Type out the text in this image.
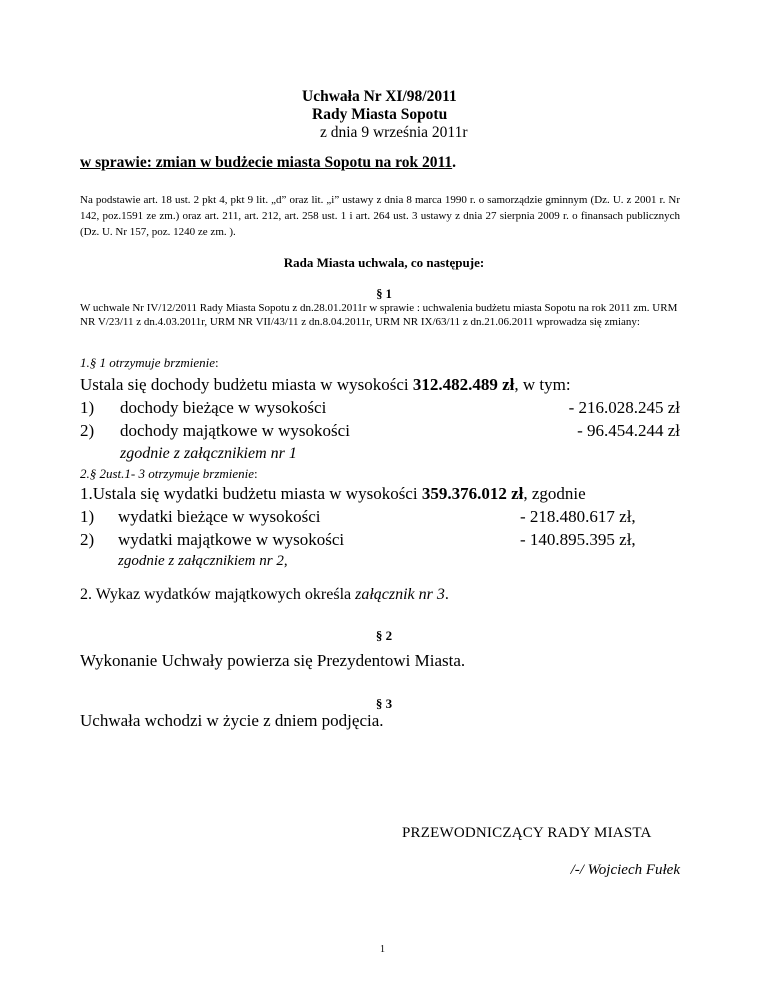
Uchwała Nr XI/98/2011
Rady Miasta Sopotu
z dnia 9 września 2011r
w sprawie: zmian w budżecie miasta Sopotu na rok 2011.
Na podstawie art. 18 ust. 2 pkt 4, pkt 9 lit. „d” oraz lit. „i” ustawy z dnia 8 marca 1990 r. o samorządzie gminnym (Dz. U. z 2001 r. Nr 142, poz.1591 ze zm.) oraz art. 211, art. 212, art. 258 ust. 1 i art. 264 ust. 3 ustawy z dnia 27 sierpnia 2009 r. o finansach publicznych (Dz. U. Nr 157, poz. 1240 ze zm. ).
Rada Miasta uchwala, co następuje:
§ 1
W uchwale Nr IV/12/2011 Rady Miasta Sopotu z dn.28.01.2011r w sprawie : uchwalenia budżetu miasta Sopotu na rok 2011 zm. URM NR V/23/11 z dn.4.03.2011r, URM NR VII/43/11 z dn.8.04.2011r, URM NR IX/63/11 z dn.21.06.2011 wprowadza się zmiany:
1.§ 1 otrzymuje brzmienie:
Ustala się dochody budżetu miasta w wysokości 312.482.489 zł, w tym:
1) dochody bieżące w wysokości	- 216.028.245 zł
2) dochody majątkowe w wysokości	- 96.454.244 zł
zgodnie z załącznikiem nr 1
2.§ 2ust.1- 3 otrzymuje brzmienie:
1.Ustala się wydatki budżetu miasta w wysokości 359.376.012 zł, zgodnie
1) wydatki bieżące w wysokości	- 218.480.617 zł,
2) wydatki majątkowe w wysokości	- 140.895.395 zł,
zgodnie z załącznikiem nr 2,
2. Wykaz wydatków majątkowych określa załącznik nr 3.
§ 2
Wykonanie Uchwały powierza się Prezydentowi Miasta.
§ 3
Uchwała wchodzi w życie z dniem podjęcia.
PRZEWODNICZĄCY RADY MIASTA
/-/ Wojciech Fułek
1
